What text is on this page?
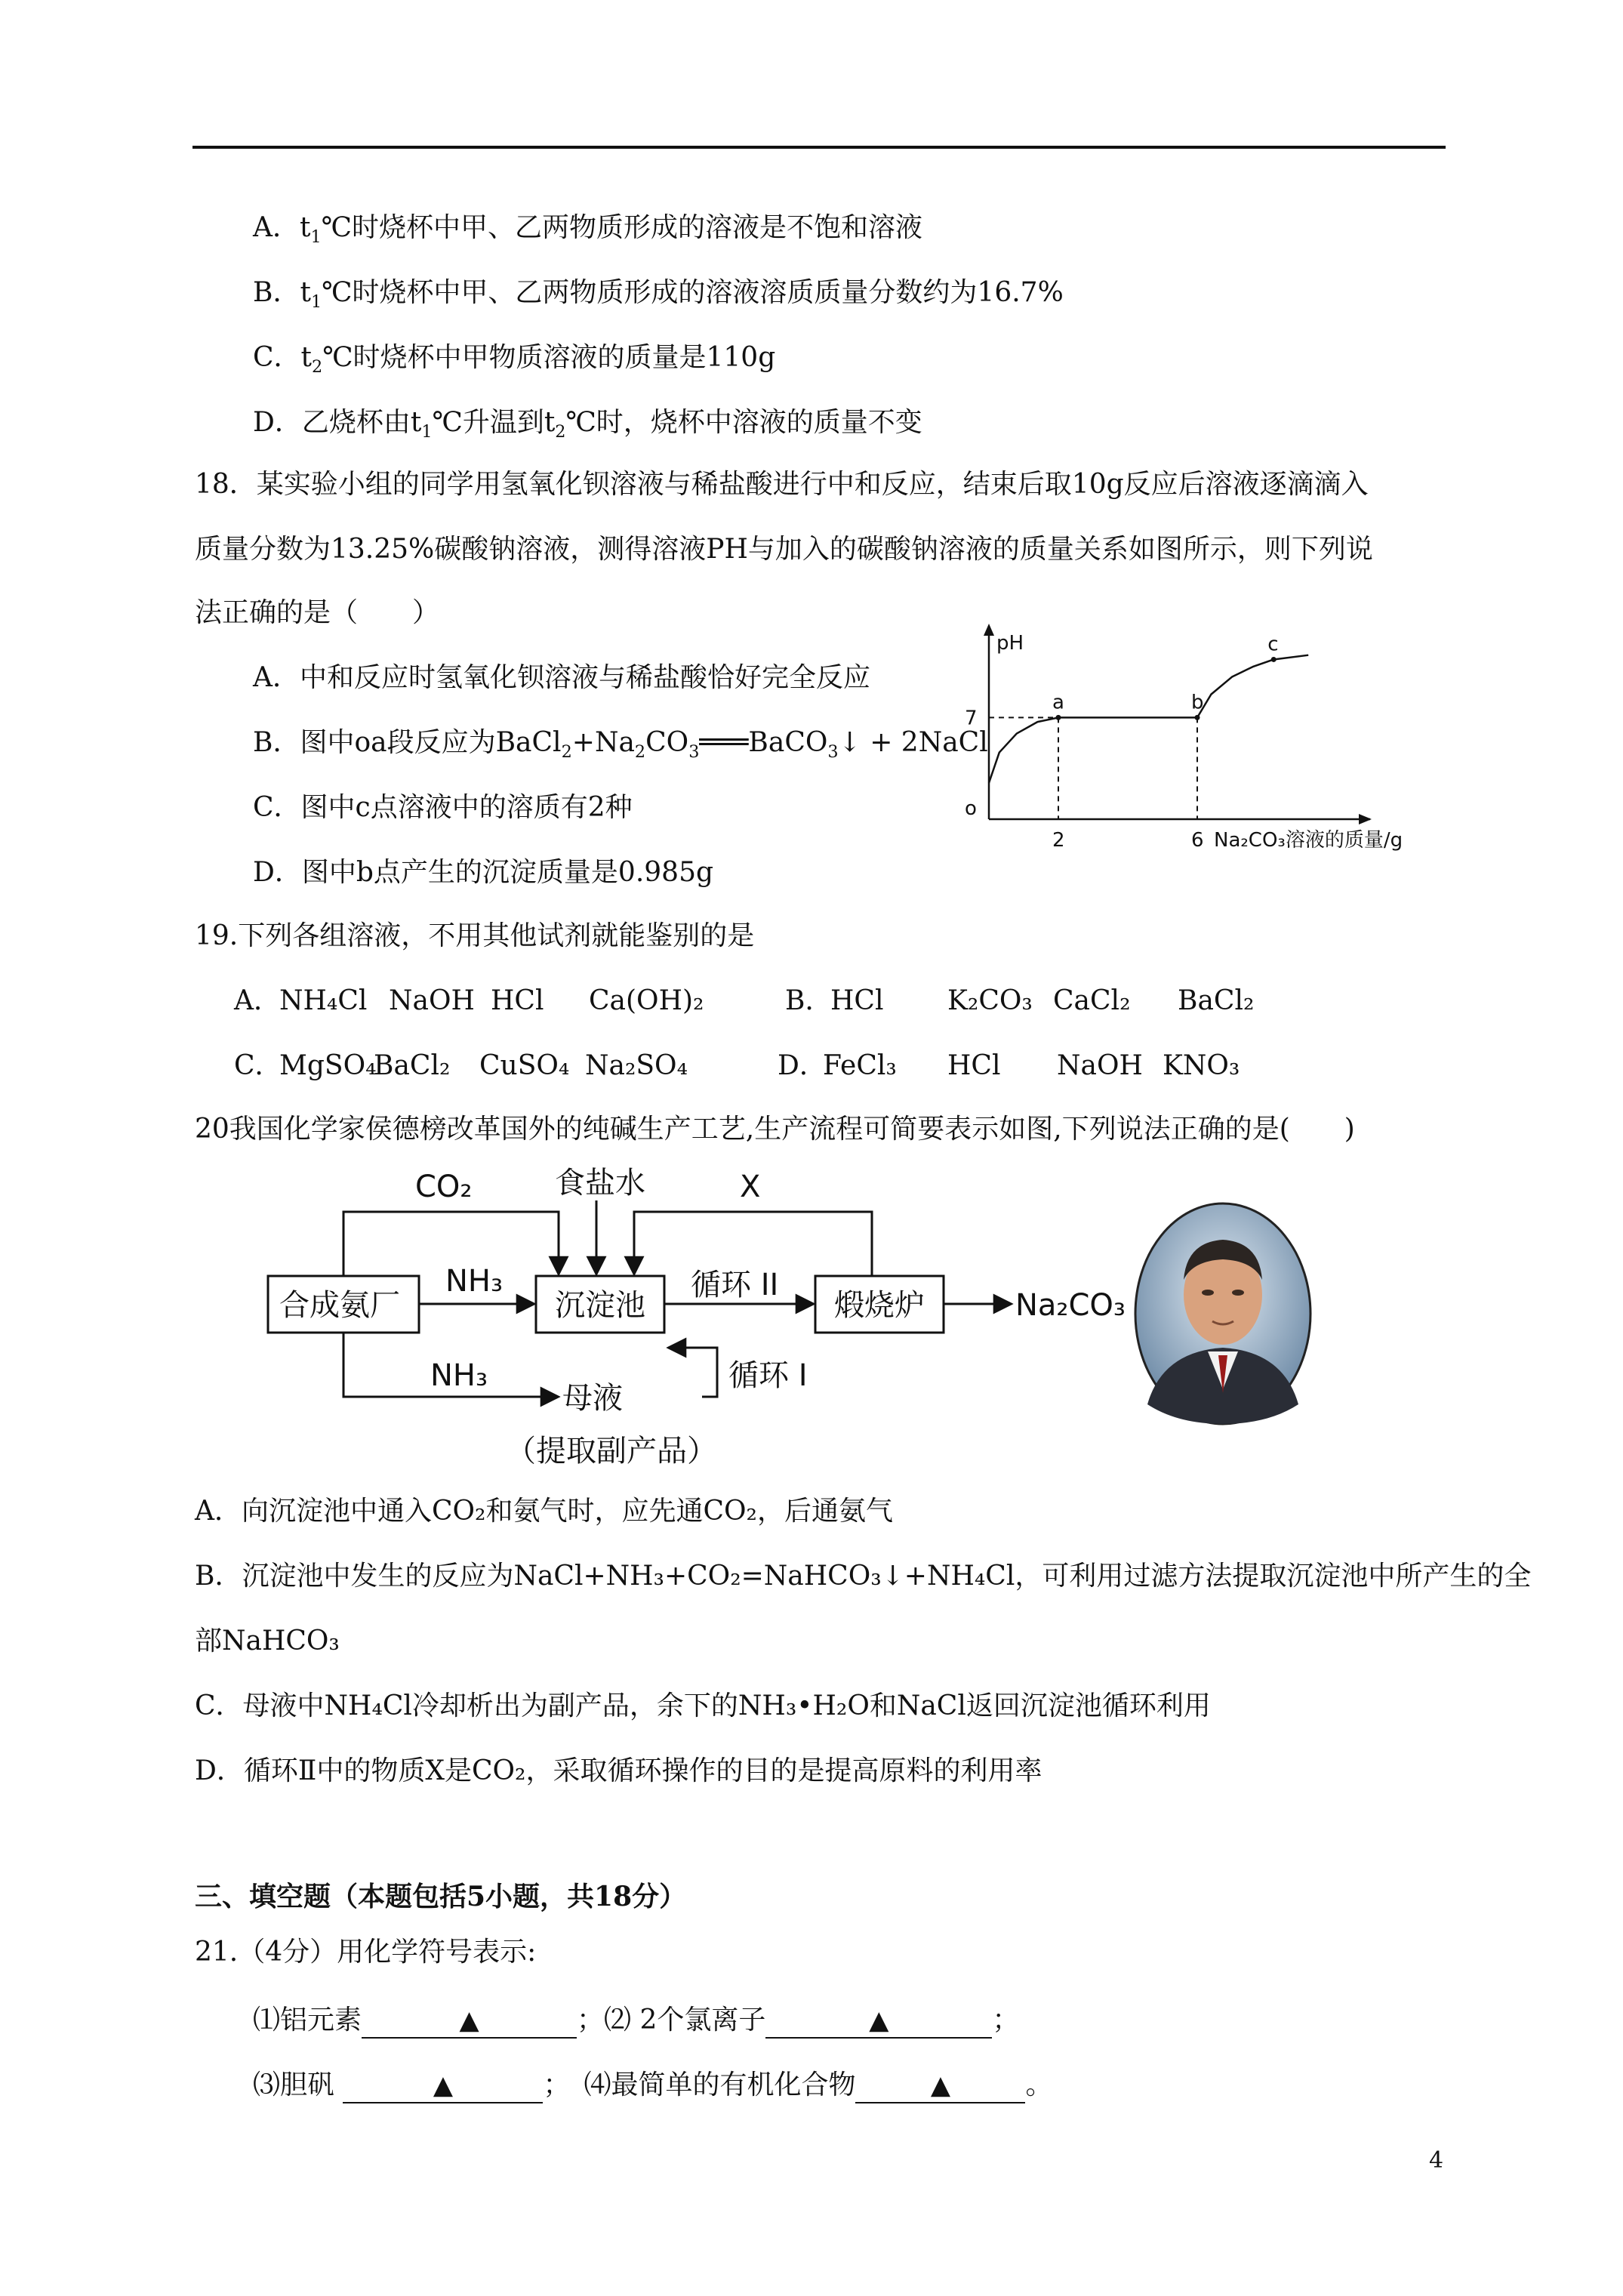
A．$t_1℃$时烧杯中甲、乙两物质形成的溶液是不饱和溶液
B．$t_1℃$时烧杯中甲、乙两物质形成的溶液溶质质量分数约为16.7%
C．$t_2℃$时烧杯中甲物质溶液的质量是110g
D．乙烧杯由$t_1℃$升温到$t_2℃$时，烧杯中溶液的质量不变
18．某实验小组的同学用氢氧化钡溶液与稀盐酸进行中和反应，结束后取10g反应后溶液逐滴滴入
质量分数为13.25%碳酸钠溶液，测得溶液PH与加入的碳酸钠溶液的质量关系如图所示，则下列说
法正确的是（　　）
A．中和反应时氢氧化钡溶液与稀盐酸恰好完全反应
B．图中oa段反应为$BaCl_2+Na_2CO_3═══BaCO_3↓$ + 2NaCl
C．图中c点溶液中的溶质有2种
D．图中b点产生的沉淀质量是0.985g
a	b
c
pH
7
o
2	6 Na₂CO₃溶液的质量/g
19.下列各组溶液，不用其他试剂就能鉴别的是
A．
NH₄Cl NaOH HCl Ca(OH)₂	B．
HCl K₂CO₃ CaCl₂ BaCl₂
C．
MgSO₄
BaCl₂ CuSO₄ Na₂SO₄	D．
FeCl₃ HCl NaOH KNO₃
20我国化学家侯德榜改革国外的纯碱生产工艺,生产流程可简要表示如图,下列说法正确的是(　　)
CO₂	食盐水	X
合成氨厂
NH₃
沉淀池
循环 II
煅烧炉	Na₂CO₃
NH₃
母液
循环 I
（提取副产品）
A．向沉淀池中通入CO₂和氨气时，应先通CO₂，后通氨气
B．沉淀池中发生的反应为NaCl+NH₃+CO₂=NaHCO₃↓+NH₄Cl，可利用过滤方法提取沉淀池中所产生的全
部NaHCO₃
C．母液中NH₄Cl冷却析出为副产品，余下的NH₃•H₂O和NaCl返回沉淀池循环利用
D．循环Ⅱ中的物质X是CO₂，采取循环操作的目的是提高原料的利用率
三、填空题（本题包括5小题，共18分）
21.（4分）用化学符号表示:
⑴铝元素	▲	；⑵ 2个氯离子	▲	；
⑶胆矾	▲	；　⑷最简单的有机化合物	▲	。
4
